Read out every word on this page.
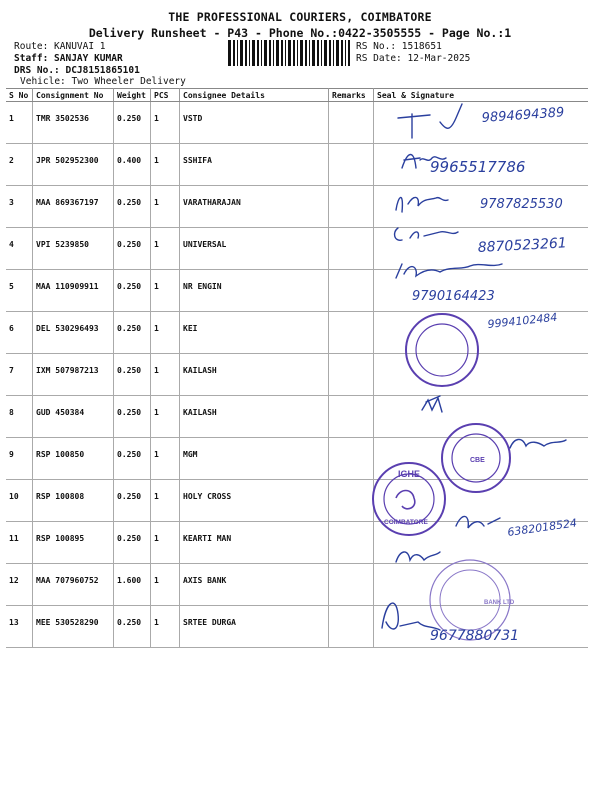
THE PROFESSIONAL COURIERS, COIMBATORE
Delivery Runsheet - P43 - Phone No.:0422-3505555 - Page No.:1
Route: KANUVAI 1
Staff: SANJAY KUMAR
DRS No.: DCJ8151865101
Vehicle: Two Wheeler Delivery
RS No.: 1518651
RS Date: 12-Mar-2025
S No	Consignment No	Weight	PCS	Consignee Details	Remarks	Seal & Signature
1	TMR 3502536	0.250	1	VSTD		
2	JPR 502952300	0.400	1	SSHIFA		
3	MAA 869367197	0.250	1	VARATHARAJAN		
4	VPI 5239850	0.250	1	UNIVERSAL		
5	MAA 110909911	0.250	1	NR ENGIN		
6	DEL 530296493	0.250	1	KEI		
7	IXM 507987213	0.250	1	KAILASH		
8	GUD 450384	0.250	1	KAILASH		
9	RSP 100850	0.250	1	MGM		
10	RSP 100808	0.250	1	HOLY CROSS		
11	RSP 100895	0.250	1	KEARTI MAN		
12	MAA 707960752	1.600	1	AXIS BANK		
13	MEE 530528290	0.250	1	SRTEE DURGA		
IGHE
COIMBATORE
CBE
BANK LTD
9894694389
9965517786
9787825530
8870523261
9790164423
9994102484
6382018524
9677880731
